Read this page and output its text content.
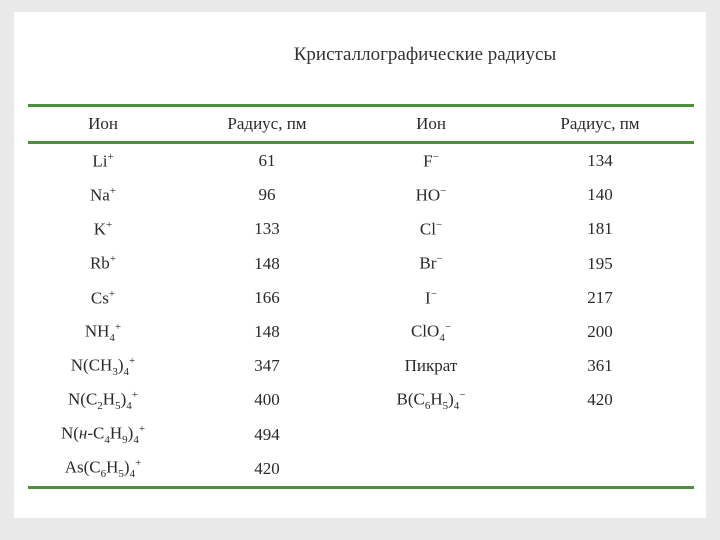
Кристаллографические радиусы
Ион	Радиус, пм	Ион	Радиус, пм
Li+	61	F−	134
Na+	96	HO−	140
K+	133	Cl−	181
Rb+	148	Br−	195
Cs+	166	I−	217
$NH_4^+$	148	ClO$_4$−	200
$N(CH_3)_4^+$	347	Пикрат	361
$N(C_2H_5)_4^+$	400	$B(C_6H_5)_4^-$	420
$N(н-C_4H_9)_4^+$	494		
$As(C_6H_5)_4^+$	420		
